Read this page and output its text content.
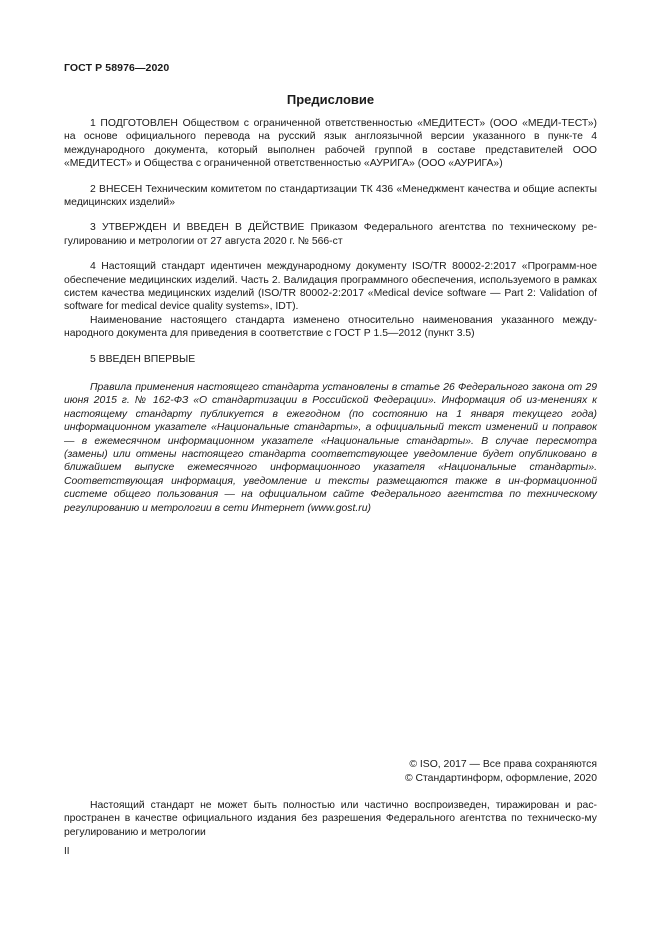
ГОСТ Р 58976—2020
Предисловие

1 ПОДГОТОВЛЕН Обществом с ограниченной ответственностью «МЕДИТЕСТ» (ООО «МЕДИ-ТЕСТ») на основе официального перевода на русский язык англоязычной версии указанного в пунк-те 4 международного документа, который выполнен рабочей группой в составе представителей ООО «МЕДИТЕСТ» и Общества с ограниченной ответственностью «АУРИГА» (ООО «АУРИГА»)

2 ВНЕСЕН Техническим комитетом по стандартизации ТК 436 «Менеджмент качества и общие аспекты медицинских изделий»

3 УТВЕРЖДЕН И ВВЕДЕН В ДЕЙСТВИЕ Приказом Федерального агентства по техническому ре-гулированию и метрологии от 27 августа 2020 г. № 566-ст

4 Настоящий стандарт идентичен международному документу ISO/TR 80002-2:2017 «Программ-ное обеспечение медицинских изделий. Часть 2. Валидация программного обеспечения, используемого в рамках систем качества медицинских изделий (ISO/TR 80002-2:2017 «Medical device software — Part 2: Validation of software for medical device quality systems», IDT).

Наименование настоящего стандарта изменено относительно наименования указанного между-народного документа для приведения в соответствие с ГОСТ Р 1.5—2012 (пункт 3.5)

5 ВВЕДЕН ВПЕРВЫЕ

Правила применения настоящего стандарта установлены в статье 26 Федерального закона от 29 июня 2015 г. № 162-ФЗ «О стандартизации в Российской Федерации». Информация об из-менениях к настоящему стандарту публикуется в ежегодном (по состоянию на 1 января текущего года) информационном указателе «Национальные стандарты», а официальный текст изменений и поправок — в ежемесячном информационном указателе «Национальные стандарты». В случае пересмотра (замены) или отмены настоящего стандарта соответствующее уведомление будет опубликовано в ближайшем выпуске ежемесячного информационного указателя «Национальные стандарты». Соответствующая информация, уведомление и тексты размещаются также в ин-формационной системе общего пользования — на официальном сайте Федерального агентства по техническому регулированию и метрологии в сети Интернет (www.gost.ru)

© ISO, 2017 — Все права сохраняются
© Стандартинформ, оформление, 2020

Настоящий стандарт не может быть полностью или частично воспроизведен, тиражирован и рас-пространен в качестве официального издания без разрешения Федерального агентства по техническо-му регулированию и метрологии

II
